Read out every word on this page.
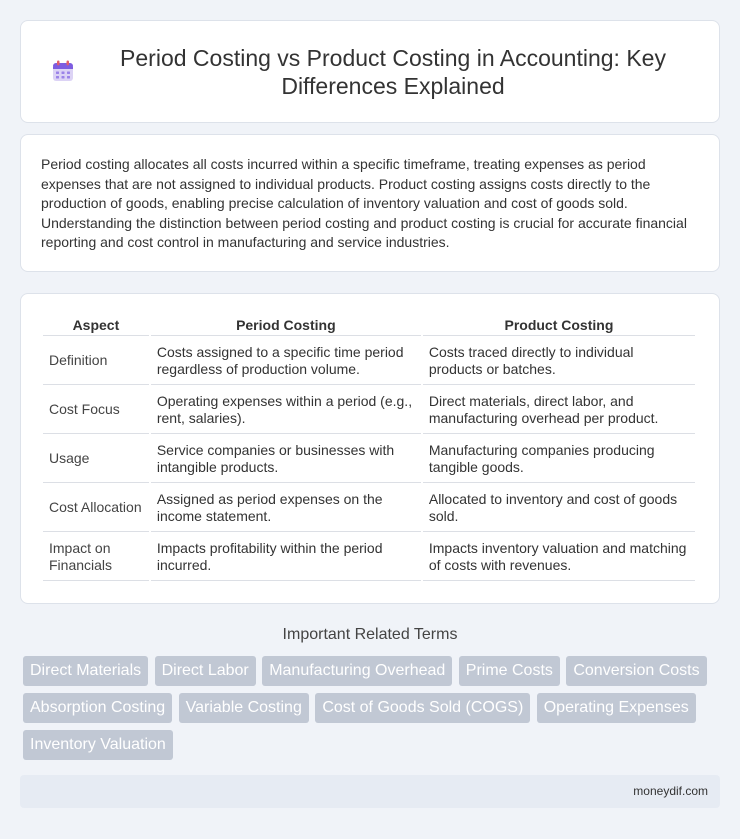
Period Costing vs Product Costing in Accounting: Key Differences Explained

Period costing allocates all costs incurred within a specific timeframe, treating expenses as period expenses that are not assigned to individual products. Product costing assigns costs directly to the production of goods, enabling precise calculation of inventory valuation and cost of goods sold. Understanding the distinction between period costing and product costing is crucial for accurate financial reporting and cost control in manufacturing and service industries.

Aspect	Period Costing	Product Costing
Definition	Costs assigned to a specific time period regardless of production volume.	Costs traced directly to individual products or batches.
Cost Focus	Operating expenses within a period (e.g., rent, salaries).	Direct materials, direct labor, and manufacturing overhead per product.
Usage	Service companies or businesses with intangible products.	Manufacturing companies producing tangible goods.
Cost Allocation	Assigned as period expenses on the income statement.	Allocated to inventory and cost of goods sold.
Impact on Financials	Impacts profitability within the period incurred.	Impacts inventory valuation and matching of costs with revenues.
Important Related Terms
Direct Materials Direct Labor Manufacturing Overhead Prime Costs Conversion Costs Absorption Costing Variable Costing Cost of Goods Sold (COGS) Operating Expenses Inventory Valuation
moneydif.com
